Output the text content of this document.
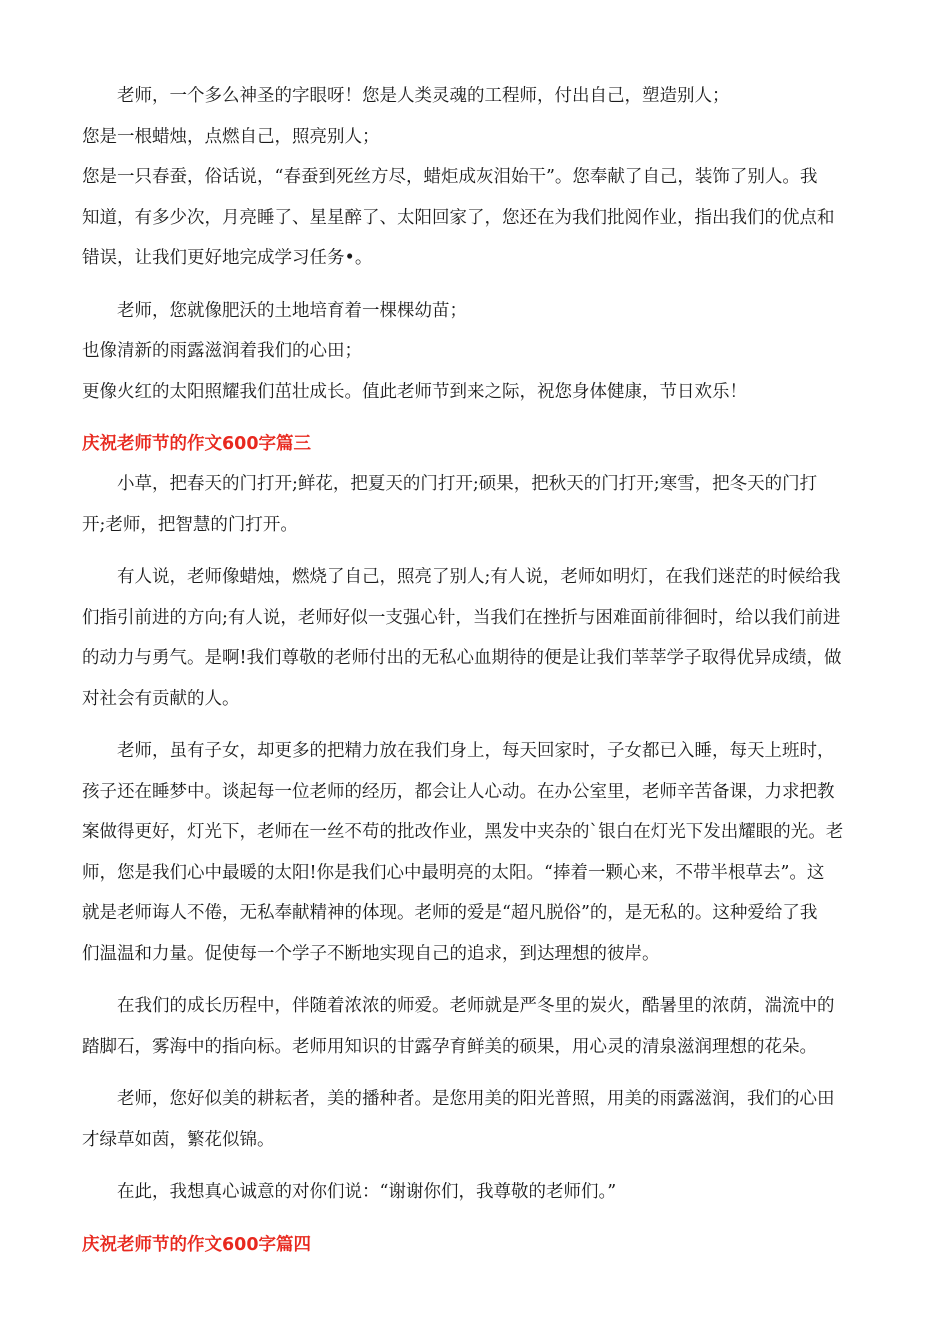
老师，一个多么神圣的字眼呀！您是人类灵魂的工程师，付出自己，塑造别人；

您是一根蜡烛，点燃自己，照亮别人；

您是一只春蚕，俗话说，“春蚕到死丝方尽，蜡炬成灰泪始干”。您奉献了自己，装饰了别人。我

知道，有多少次，月亮睡了、星星醉了、太阳回家了，您还在为我们批阅作业，指出我们的优点和

错误，让我们更好地完成学习任务•。

老师，您就像肥沃的土地培育着一棵棵幼苗；

也像清新的雨露滋润着我们的心田；

更像火红的太阳照耀我们茁壮成长。值此老师节到来之际，祝您身体健康，节日欢乐！

庆祝老师节的作文600字篇三

小草，把春天的门打开;鲜花，把夏天的门打开;硕果，把秋天的门打开;寒雪，把冬天的门打

开;老师，把智慧的门打开。

有人说，老师像蜡烛，燃烧了自己，照亮了别人;有人说，老师如明灯，在我们迷茫的时候给我

们指引前进的方向;有人说，老师好似一支强心针，当我们在挫折与困难面前徘徊时，给以我们前进

的动力与勇气。是啊!我们尊敬的老师付出的无私心血期待的便是让我们莘莘学子取得优异成绩，做

对社会有贡献的人。

老师，虽有子女，却更多的把精力放在我们身上，每天回家时，子女都已入睡，每天上班时，

孩子还在睡梦中。谈起每一位老师的经历，都会让人心动。在办公室里，老师辛苦备课，力求把教

案做得更好，灯光下，老师在一丝不苟的批改作业，黑发中夹杂的`银白在灯光下发出耀眼的光。老

师，您是我们心中最暖的太阳!你是我们心中最明亮的太阳。“捧着一颗心来，不带半根草去”。这

就是老师诲人不倦，无私奉献精神的体现。老师的爱是“超凡脱俗”的，是无私的。这种爱给了我

们温温和力量。促使每一个学子不断地实现自己的追求，到达理想的彼岸。

在我们的成长历程中，伴随着浓浓的师爱。老师就是严冬里的炭火，酷暑里的浓荫，湍流中的

踏脚石，雾海中的指向标。老师用知识的甘露孕育鲜美的硕果，用心灵的清泉滋润理想的花朵。

老师，您好似美的耕耘者，美的播种者。是您用美的阳光普照，用美的雨露滋润，我们的心田

才绿草如茵，繁花似锦。

在此，我想真心诚意的对你们说：“谢谢你们，我尊敬的老师们。”

庆祝老师节的作文600字篇四
